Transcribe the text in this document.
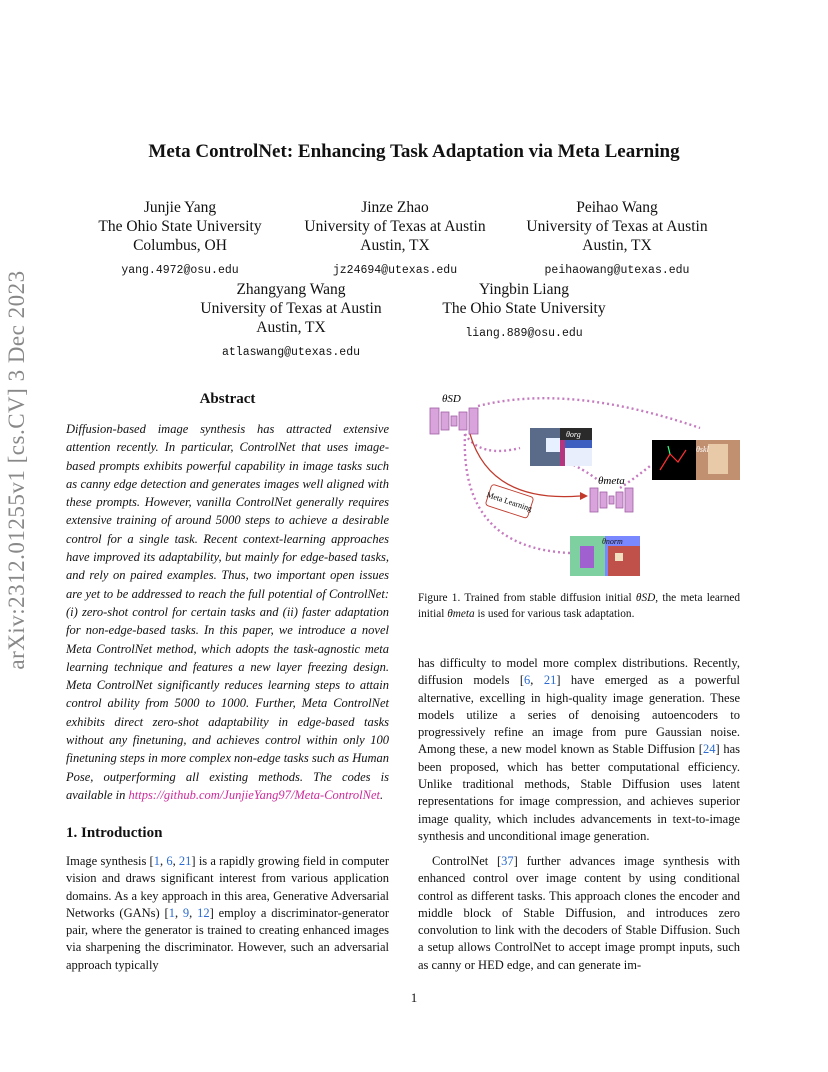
arXiv:2312.01255v1 [cs.CV] 3 Dec 2023
Meta ControlNet: Enhancing Task Adaptation via Meta Learning
Junjie Yang
The Ohio State University
Columbus, OH
yang.4972@osu.edu
Jinze Zhao
University of Texas at Austin
Austin, TX
jz24694@utexas.edu
Peihao Wang
University of Texas at Austin
Austin, TX
peihaowang@utexas.edu
Zhangyang Wang
University of Texas at Austin
Austin, TX
atlaswang@utexas.edu
Yingbin Liang
The Ohio State University
liang.889@osu.edu
Abstract
Diffusion-based image synthesis has attracted extensive attention recently. In particular, ControlNet that uses image-based prompts exhibits powerful capability in image tasks such as canny edge detection and generates images well aligned with these prompts. However, vanilla ControlNet generally requires extensive training of around 5000 steps to achieve a desirable control for a single task. Recent context-learning approaches have improved its adaptability, but mainly for edge-based tasks, and rely on paired examples. Thus, two important open issues are yet to be addressed to reach the full potential of ControlNet: (i) zero-shot control for certain tasks and (ii) faster adaptation for non-edge-based tasks. In this paper, we introduce a novel Meta ControlNet method, which adopts the task-agnostic meta learning technique and features a new layer freezing design. Meta ControlNet significantly reduces learning steps to attain control ability from 5000 to 1000. Further, Meta ControlNet exhibits direct zero-shot adaptability in edge-based tasks without any finetuning, and achieves control within only 100 finetuning steps in more complex non-edge tasks such as Human Pose, outperforming all existing methods. The codes is available in https://github.com/JunjieYang97/Meta-ControlNet.
1. Introduction
Image synthesis [1, 6, 21] is a rapidly growing field in computer vision and draws significant interest from various application domains. As a key approach in this area, Generative Adversarial Networks (GANs) [1, 9, 12] employ a discriminator-generator pair, where the generator is trained to creating enhanced images via sharpening the discriminator. However, such an adversarial approach typically
θSD
Meta Learning
θmeta
θorg
θskl
θnorm
Figure 1. Trained from stable diffusion initial θSD, the meta learned initial θmeta is used for various task adaptation.
has difficulty to model more complex distributions. Recently, diffusion models [6, 21] have emerged as a powerful alternative, excelling in high-quality image generation. These models utilize a series of denoising autoencoders to progressively refine an image from pure Gaussian noise. Among these, a new model known as Stable Diffusion [24] has been proposed, which has better computational efficiency. Unlike traditional methods, Stable Diffusion uses latent representations for image compression, and achieves superior image quality, which includes advancements in text-to-image synthesis and unconditional image generation.
ControlNet [37] further advances image synthesis with enhanced control over image content by using conditional control as different tasks. This approach clones the encoder and middle block of Stable Diffusion, and introduces zero convolution to link with the decoders of Stable Diffusion. Such a setup allows ControlNet to accept image prompt inputs, such as canny or HED edge, and can generate im-
1
